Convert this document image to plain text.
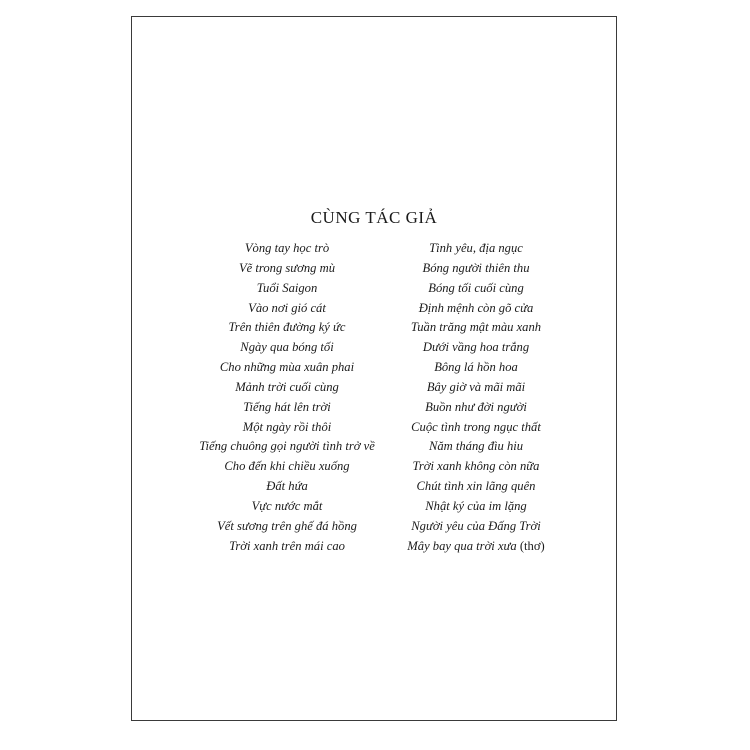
CÙNG TÁC GIẢ
Vòng tay học trò
Vẽ trong sương mù
Tuổi Saigon
Vào nơi gió cát
Trên thiên đường ký ức
Ngày qua bóng tối
Cho những mùa xuân phai
Mảnh trời cuối cùng
Tiếng hát lên trời
Một ngày rồi thôi
Tiếng chuông gọi người tình trở về
Cho đến khi chiều xuống
Đất hứa
Vực nước mắt
Vết sương trên ghế đá hồng
Trời xanh trên mái cao
Tình yêu, địa ngục
Bóng người thiên thu
Bóng tối cuối cùng
Định mệnh còn gõ cửa
Tuần trăng mật màu xanh
Dưới vầng hoa trắng
Bông lá hồn hoa
Bây giờ và mãi mãi
Buồn như đời người
Cuộc tình trong ngục thất
Năm tháng đìu hiu
Trời xanh không còn nữa
Chút tình xin lãng quên
Nhật ký của im lặng
Người yêu của Đấng Trời
Mây bay qua trời xưa (thơ)
